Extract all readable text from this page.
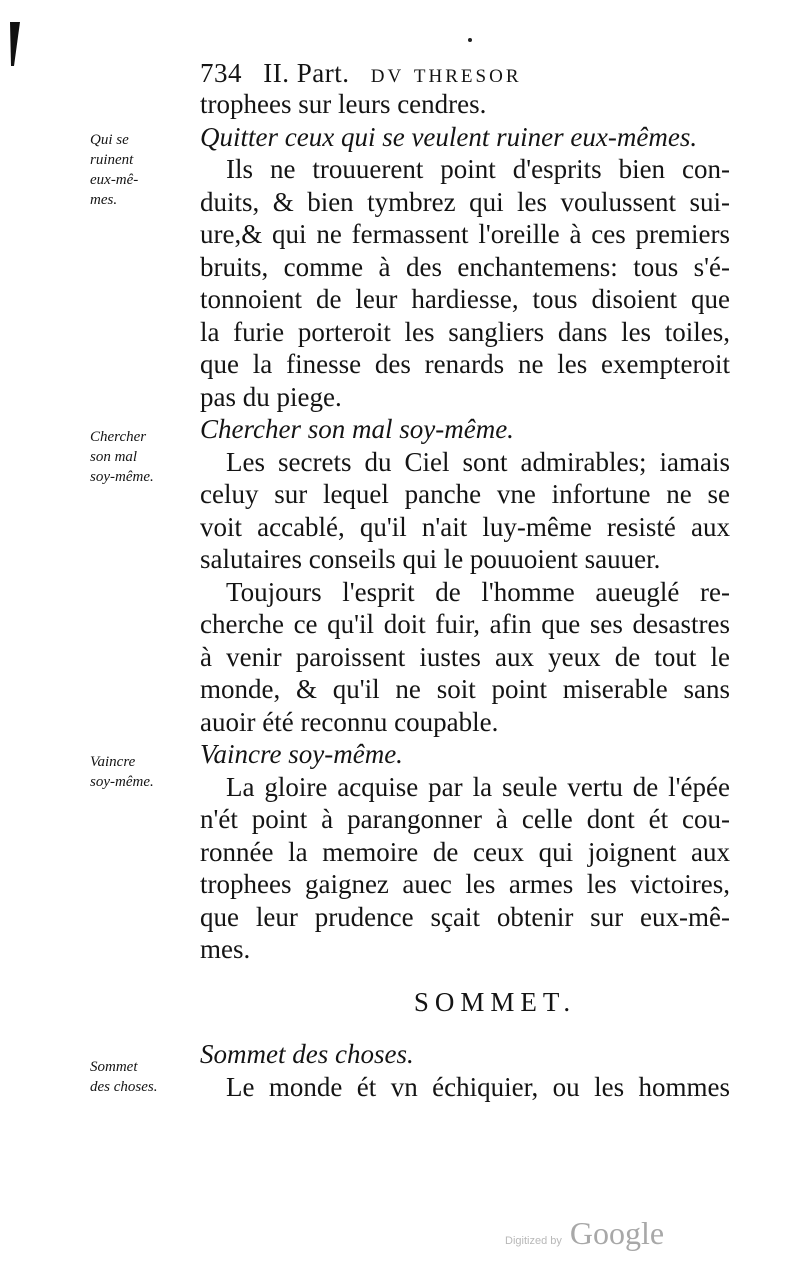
734 II. Part. dv thresor
Qui se
ruinent
eux-mê-
mes.
Chercher
son mal
soy-même.
Vaincre
soy-même.
Sommet
des choses.
trophees sur leurs cendres.
Quitter ceux qui se veulent ruiner eux-mêmes.
Ils ne trouuerent point d'esprits bien con-
duits, & bien tymbrez qui les voulussent sui-
ure,& qui ne fermassent l'oreille à ces premiers
bruits, comme à des enchantemens: tous s'é-
tonnoient de leur hardiesse, tous disoient que
la furie porteroit les sangliers dans les toiles,
que la finesse des renards ne les exempteroit
pas du piege.
Chercher son mal soy-même.
Les secrets du Ciel sont admirables; iamais
celuy sur lequel panche vne infortune ne se
voit accablé, qu'il n'ait luy-même resisté aux
salutaires conseils qui le pouuoient sauuer.
Toujours l'esprit de l'homme aueuglé re-
cherche ce qu'il doit fuir, afin que ses desastres
à venir paroissent iustes aux yeux de tout le
monde, & qu'il ne soit point miserable sans
auoir été reconnu coupable.
Vaincre soy-même.
La gloire acquise par la seule vertu de l'épée
n'ét point à parangonner à celle dont ét cou-
ronnée la memoire de ceux qui joignent aux
trophees gaignez auec les armes les victoires,
que leur prudence sçait obtenir sur eux-mê-
mes.
SOMMET.
Sommet des choses.
Le monde ét vn échiquier, ou les hommes
Digitized by Google
